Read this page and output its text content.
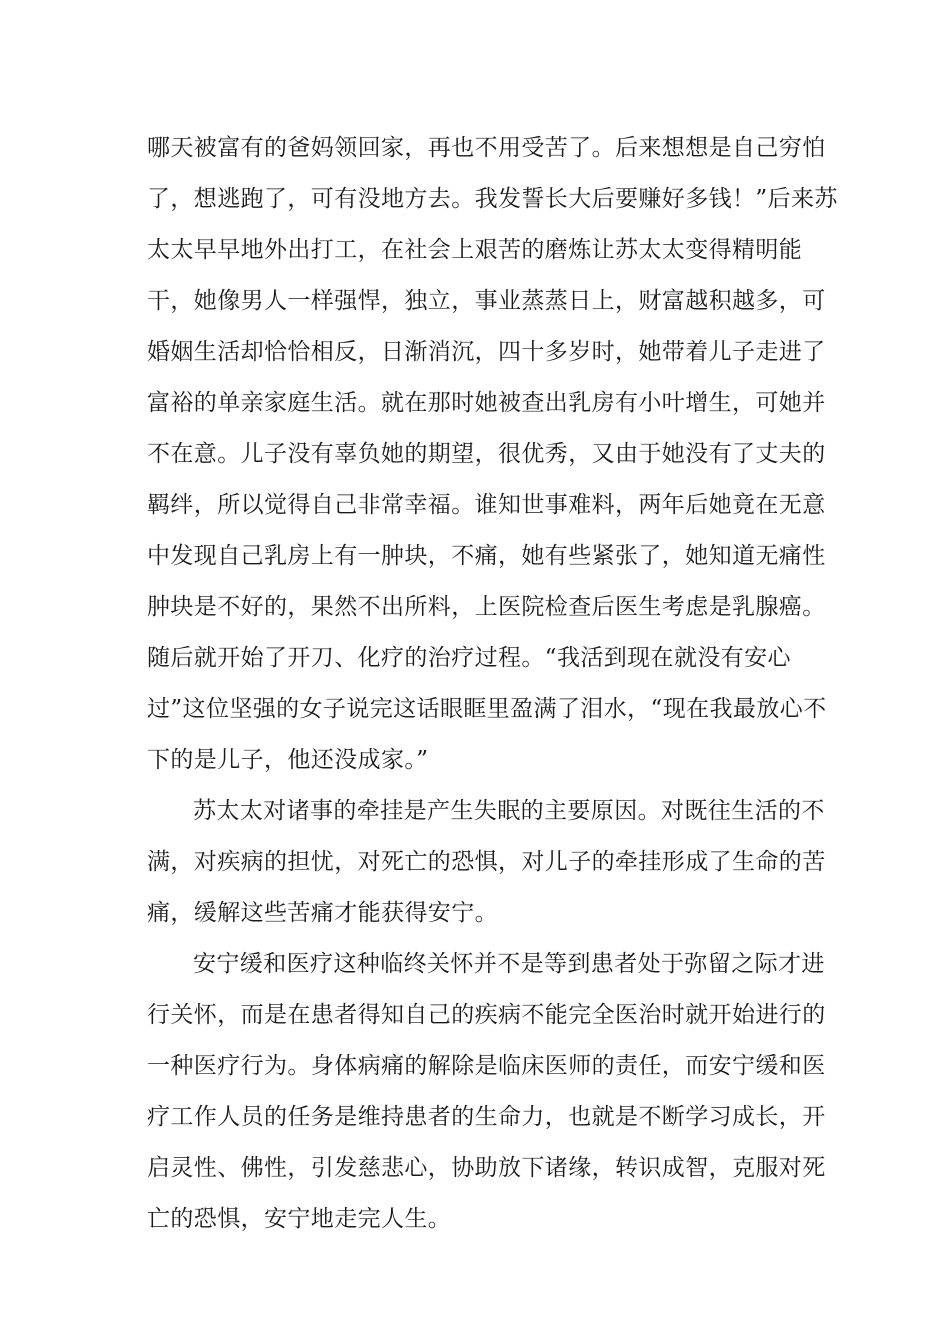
哪天被富有的爸妈领回家，再也不用受苦了。后来想想是自己穷怕
了，想逃跑了，可有没地方去。我发誓长大后要赚好多钱！”后来苏
太太早早地外出打工，在社会上艰苦的磨炼让苏太太变得精明能
干，她像男人一样强悍，独立，事业蒸蒸日上，财富越积越多，可
婚姻生活却恰恰相反，日渐消沉，四十多岁时，她带着儿子走进了
富裕的单亲家庭生活。就在那时她被查出乳房有小叶增生，可她并
不在意。儿子没有辜负她的期望，很优秀，又由于她没有了丈夫的
羁绊，所以觉得自己非常幸福。谁知世事难料，两年后她竟在无意
中发现自己乳房上有一肿块，不痛，她有些紧张了，她知道无痛性
肿块是不好的，果然不出所料，上医院检查后医生考虑是乳腺癌。
随后就开始了开刀、化疗的治疗过程。“我活到现在就没有安心
过”这位坚强的女子说完这话眼眶里盈满了泪水，“现在我最放心不
下的是儿子，他还没成家。”
苏太太对诸事的牵挂是产生失眠的主要原因。对既往生活的不
满，对疾病的担忧，对死亡的恐惧，对儿子的牵挂形成了生命的苦
痛，缓解这些苦痛才能获得安宁。
安宁缓和医疗这种临终关怀并不是等到患者处于弥留之际才进
行关怀，而是在患者得知自己的疾病不能完全医治时就开始进行的
一种医疗行为。身体病痛的解除是临床医师的责任，而安宁缓和医
疗工作人员的任务是维持患者的生命力，也就是不断学习成长，开
启灵性、佛性，引发慈悲心，协助放下诸缘，转识成智，克服对死
亡的恐惧，安宁地走完人生。
